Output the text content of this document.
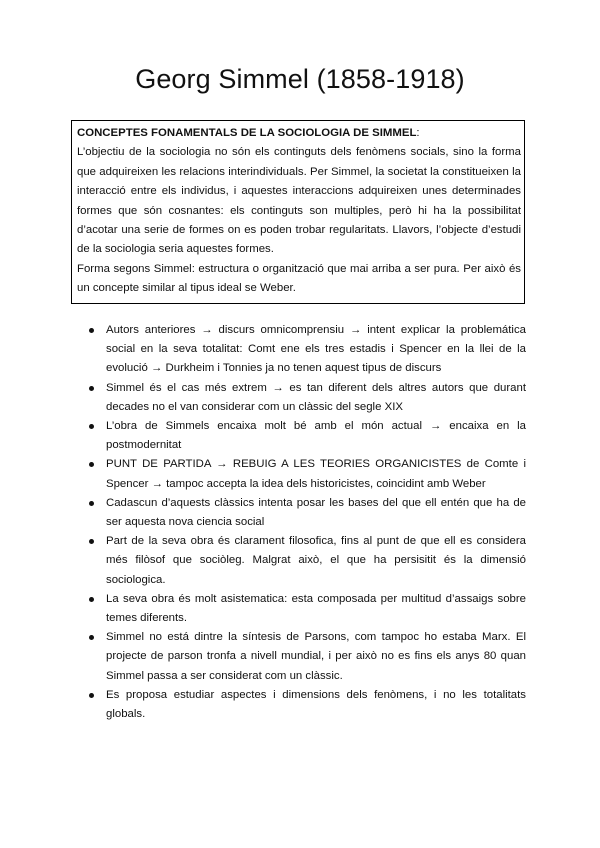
Georg Simmel (1858-1918)

CONCEPTES FONAMENTALS DE LA SOCIOLOGIA DE SIMMEL:

L’objectiu de la sociologia no són els continguts dels fenòmens socials, sino la forma que adquireixen les relacions interindividuals. Per Simmel, la societat la constitueixen la interacció entre els individus, i aquestes interaccions adquireixen unes determinades formes que són cosnantes: els continguts son multiples, però hi ha la possibilitat d’acotar una serie de formes on es poden trobar regularitats. Llavors, l’objecte d’estudi de la sociologia seria aquestes formes.

Forma segons Simmel: estructura o organització que mai arriba a ser pura. Per això és un concepte similar al tipus ideal se Weber.

Autors anteriores → discurs omnicomprensiu → intent explicar la problemática social en la seva totalitat: Comt ene els tres estadis i Spencer en la llei de la evolució → Durkheim i Tonnies ja no tenen aquest tipus de discurs
Simmel és el cas més extrem → es tan diferent dels altres autors que durant decades no el van considerar com un clàssic del segle XIX
L’obra de Simmels encaixa molt bé amb el món actual → encaixa en la postmodernitat
PUNT DE PARTIDA → REBUIG A LES TEORIES ORGANICISTES de Comte i Spencer → tampoc accepta la idea dels historicistes, coincidint amb Weber
Cadascun d’aquests clàssics intenta posar les bases del que ell entén que ha de ser aquesta nova ciencia social
Part de la seva obra és clarament filosofica, fins al punt de que ell es considera més filòsof que sociòleg. Malgrat això, el que ha persisitit és la dimensió sociologica.
La seva obra és molt asistematica: esta composada per multitud d’assaigs sobre temes diferents.
Simmel no está dintre la síntesis de Parsons, com tampoc ho estaba Marx. El projecte de parson tronfa a nivell mundial, i per això no es fins els anys 80 quan Simmel passa a ser considerat com un clàssic.
Es proposa estudiar aspectes i dimensions dels fenòmens, i no les totalitats globals.
